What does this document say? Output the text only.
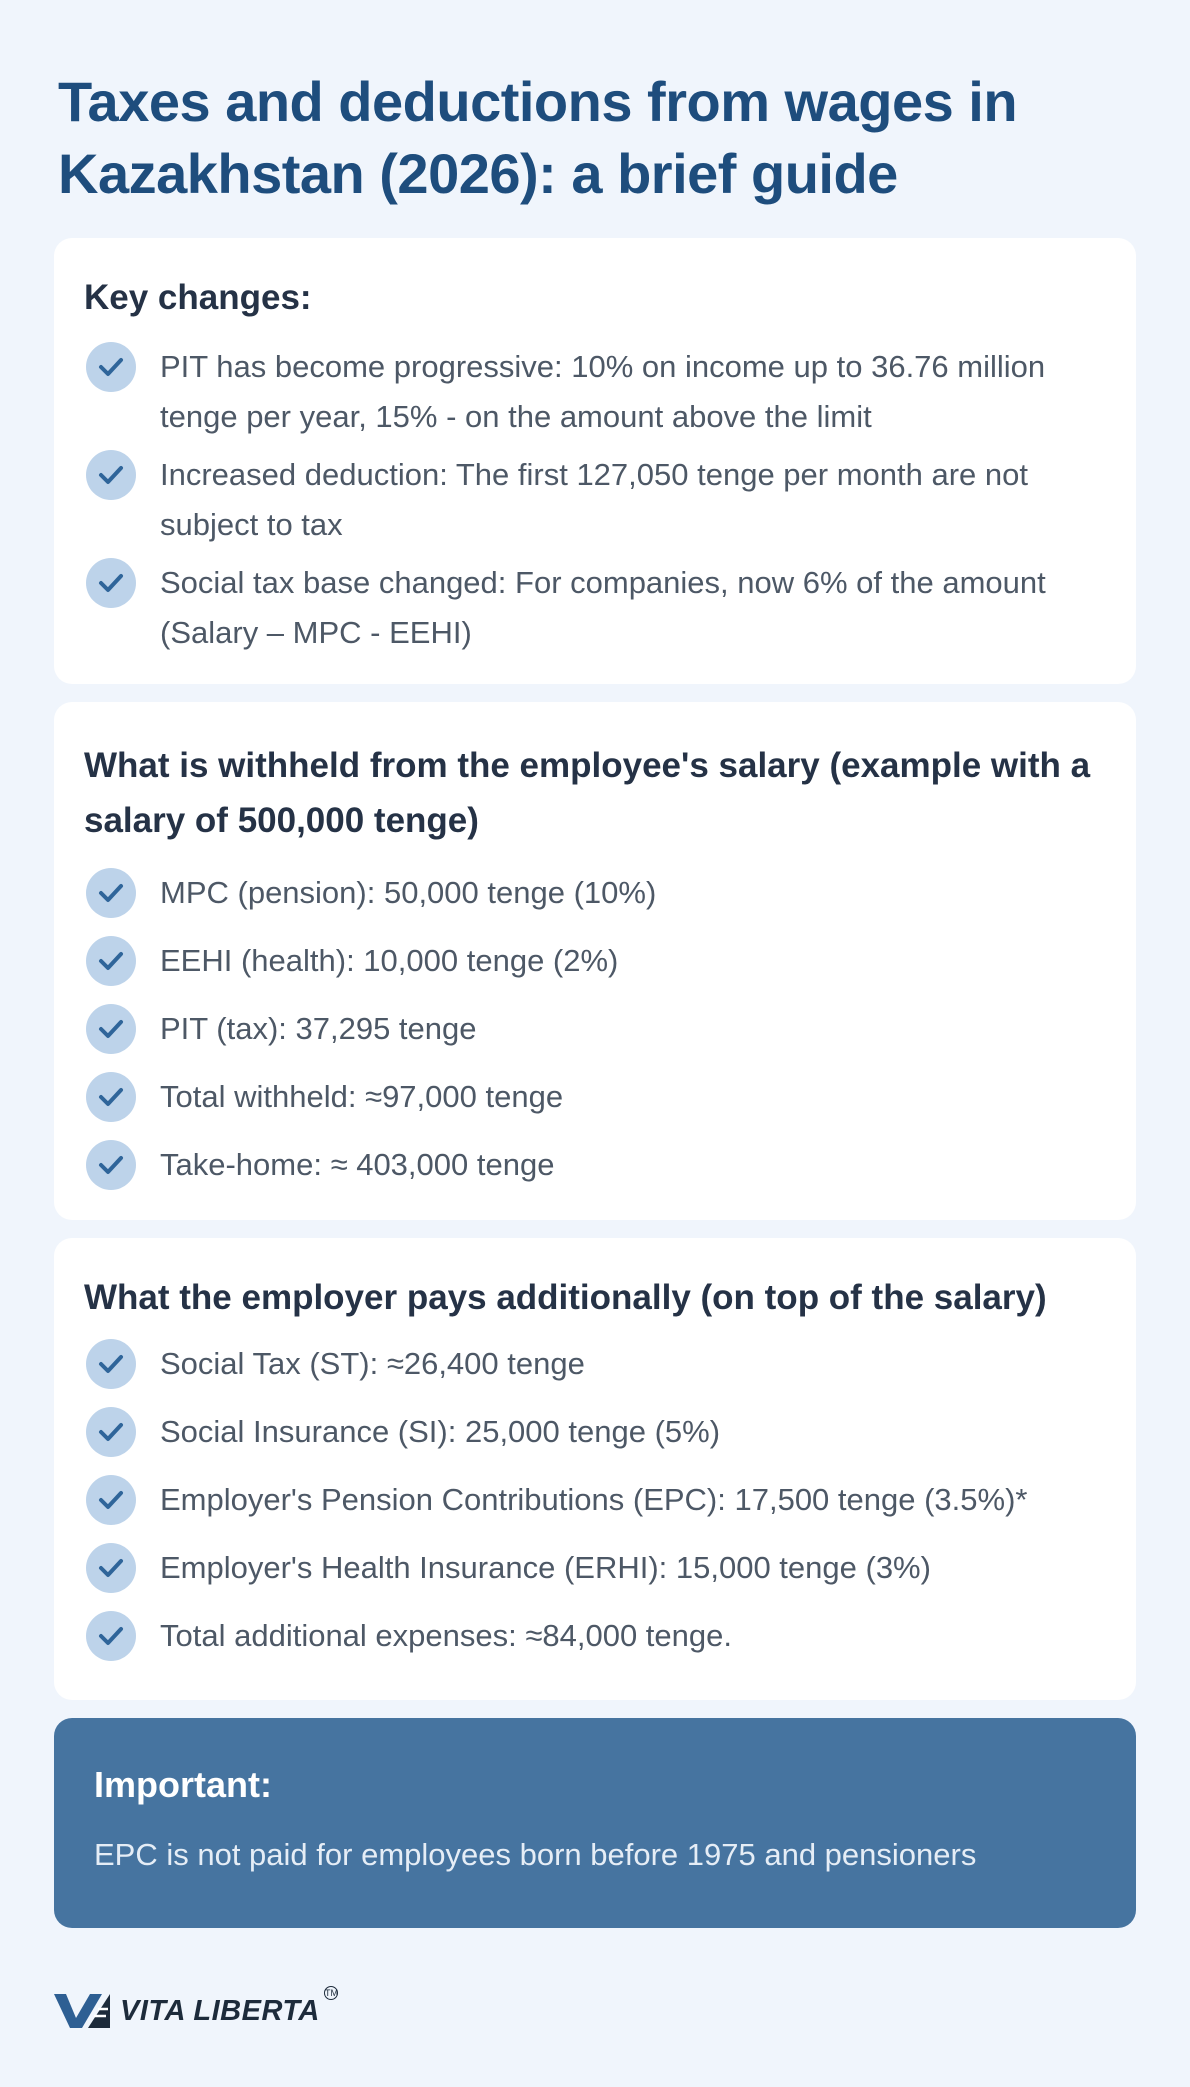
Taxes and deductions from wages in Kazakhstan (2026): a brief guide
Key changes:
PIT has become progressive: 10% on income up to 36.76 million tenge per year, 15% - on the amount above the limit
Increased deduction: The first 127,050 tenge per month are not subject to tax
Social tax base changed: For companies, now 6% of the amount (Salary – MPC - EEHI)
What is withheld from the employee's salary (example with a salary of 500,000 tenge)
MPC (pension): 50,000 tenge (10%)
EEHI (health): 10,000 tenge (2%)
PIT (tax): 37,295 tenge
Total withheld: ≈97,000 tenge
Take-home: ≈ 403,000 tenge
What the employer pays additionally (on top of the salary)
Social Tax (ST): ≈26,400 tenge
Social Insurance (SI): 25,000 tenge (5%)
Employer's Pension Contributions (EPC): 17,500 tenge (3.5%)*
Employer's Health Insurance (ERHI): 15,000 tenge (3%)
Total additional expenses: ≈84,000 tenge.
Important:

EPC is not paid for employees born before 1975 and pensioners

VITA LIBERTA
TM
